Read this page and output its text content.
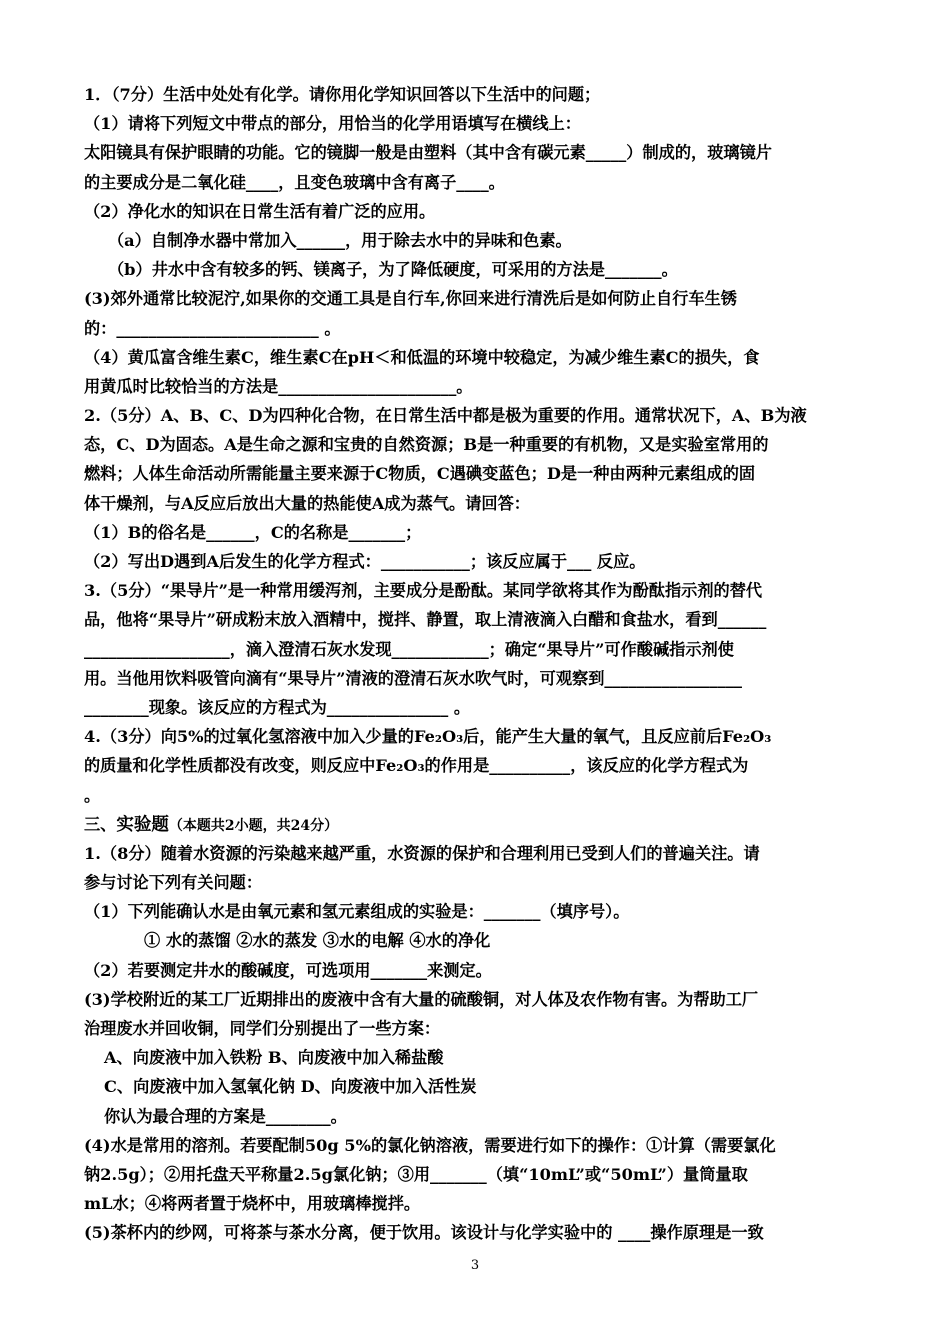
1．（7分）生活中处处有化学。请你用化学知识回答以下生活中的问题；
（1）请将下列短文中带点的部分，用恰当的化学用语填写在横线上：
太阳镜具有保护眼睛的功能。它的镜脚一般是由塑料（其中含有碳元素_____）制成的，玻璃镜片
的主要成分是二氧化硅____，且变色玻璃中含有离子____。
（2）净化水的知识在日常生活有着广泛的应用。
（a）自制净水器中常加入______，用于除去水中的异味和色素。
（b）井水中含有较多的钙、镁离子，为了降低硬度，可采用的方法是_______。
(3)郊外通常比较泥泞,如果你的交通工具是自行车,你回来进行清洗后是如何防止自行车生锈
的：_________________________ 。
（4）黄瓜富含维生素C，维生素C在pH＜和低温的环境中较稳定，为减少维生素C的损失，食
用黄瓜时比较恰当的方法是______________________。
2.（5分）A、B、C、D为四种化合物，在日常生活中都是极为重要的作用。通常状况下，A、B为液
态，C、D为固态。A是生命之源和宝贵的自然资源；B是一种重要的有机物，又是实验室常用的
燃料；人体生命活动所需能量主要来源于C物质，C遇碘变蓝色；D是一种由两种元素组成的固
体干燥剂，与A反应后放出大量的热能使A成为蒸气。请回答：
（1）B的俗名是______，C的名称是_______；
（2）写出D遇到A后发生的化学方程式：___________；该反应属于___ 反应。
3.（5分）“果导片”是一种常用缓泻剂，主要成分是酚酞。某同学欲将其作为酚酞指示剂的替代
品，他将“果导片”研成粉末放入酒精中，搅拌、静置，取上清液滴入白醋和食盐水，看到______
__________________，滴入澄清石灰水发现____________；确定“果导片”可作酸碱指示剂使
用。当他用饮料吸管向滴有“果导片”清液的澄清石灰水吹气时，可观察到_________________
________现象。该反应的方程式为_______________ 。
4.（3分）向5%的过氧化氢溶液中加入少量的Fe₂O₃后，能产生大量的氧气，且反应前后Fe₂O₃
的质量和化学性质都没有改变，则反应中Fe₂O₃的作用是__________，该反应的化学方程式为
。
三、实验题（本题共2小题，共24分）
1.（8分）随着水资源的污染越来越严重，水资源的保护和合理利用已受到人们的普遍关注。请
参与讨论下列有关问题：
（1）下列能确认水是由氧元素和氢元素组成的实验是：_______（填序号）。
① 水的蒸馏 ②水的蒸发 ③水的电解 ④水的净化
（2）若要测定井水的酸碱度，可选项用_______来测定。
(3)学校附近的某工厂近期排出的废液中含有大量的硫酸铜，对人体及农作物有害。为帮助工厂
治理废水并回收铜，同学们分别提出了一些方案：
A、向废液中加入铁粉 B、向废液中加入稀盐酸
C、向废液中加入氢氧化钠 D、向废液中加入活性炭
你认为最合理的方案是________。
(4)水是常用的溶剂。若要配制50g 5%的氯化钠溶液，需要进行如下的操作：①计算（需要氯化
钠2.5g）；②用托盘天平称量2.5g氯化钠；③用_______（填“10mL”或“50mL”）量筒量取
mL水；④将两者置于烧杯中，用玻璃棒搅拌。
(5)茶杯内的纱网，可将茶与茶水分离，便于饮用。该设计与化学实验中的 ____操作原理是一致
3
